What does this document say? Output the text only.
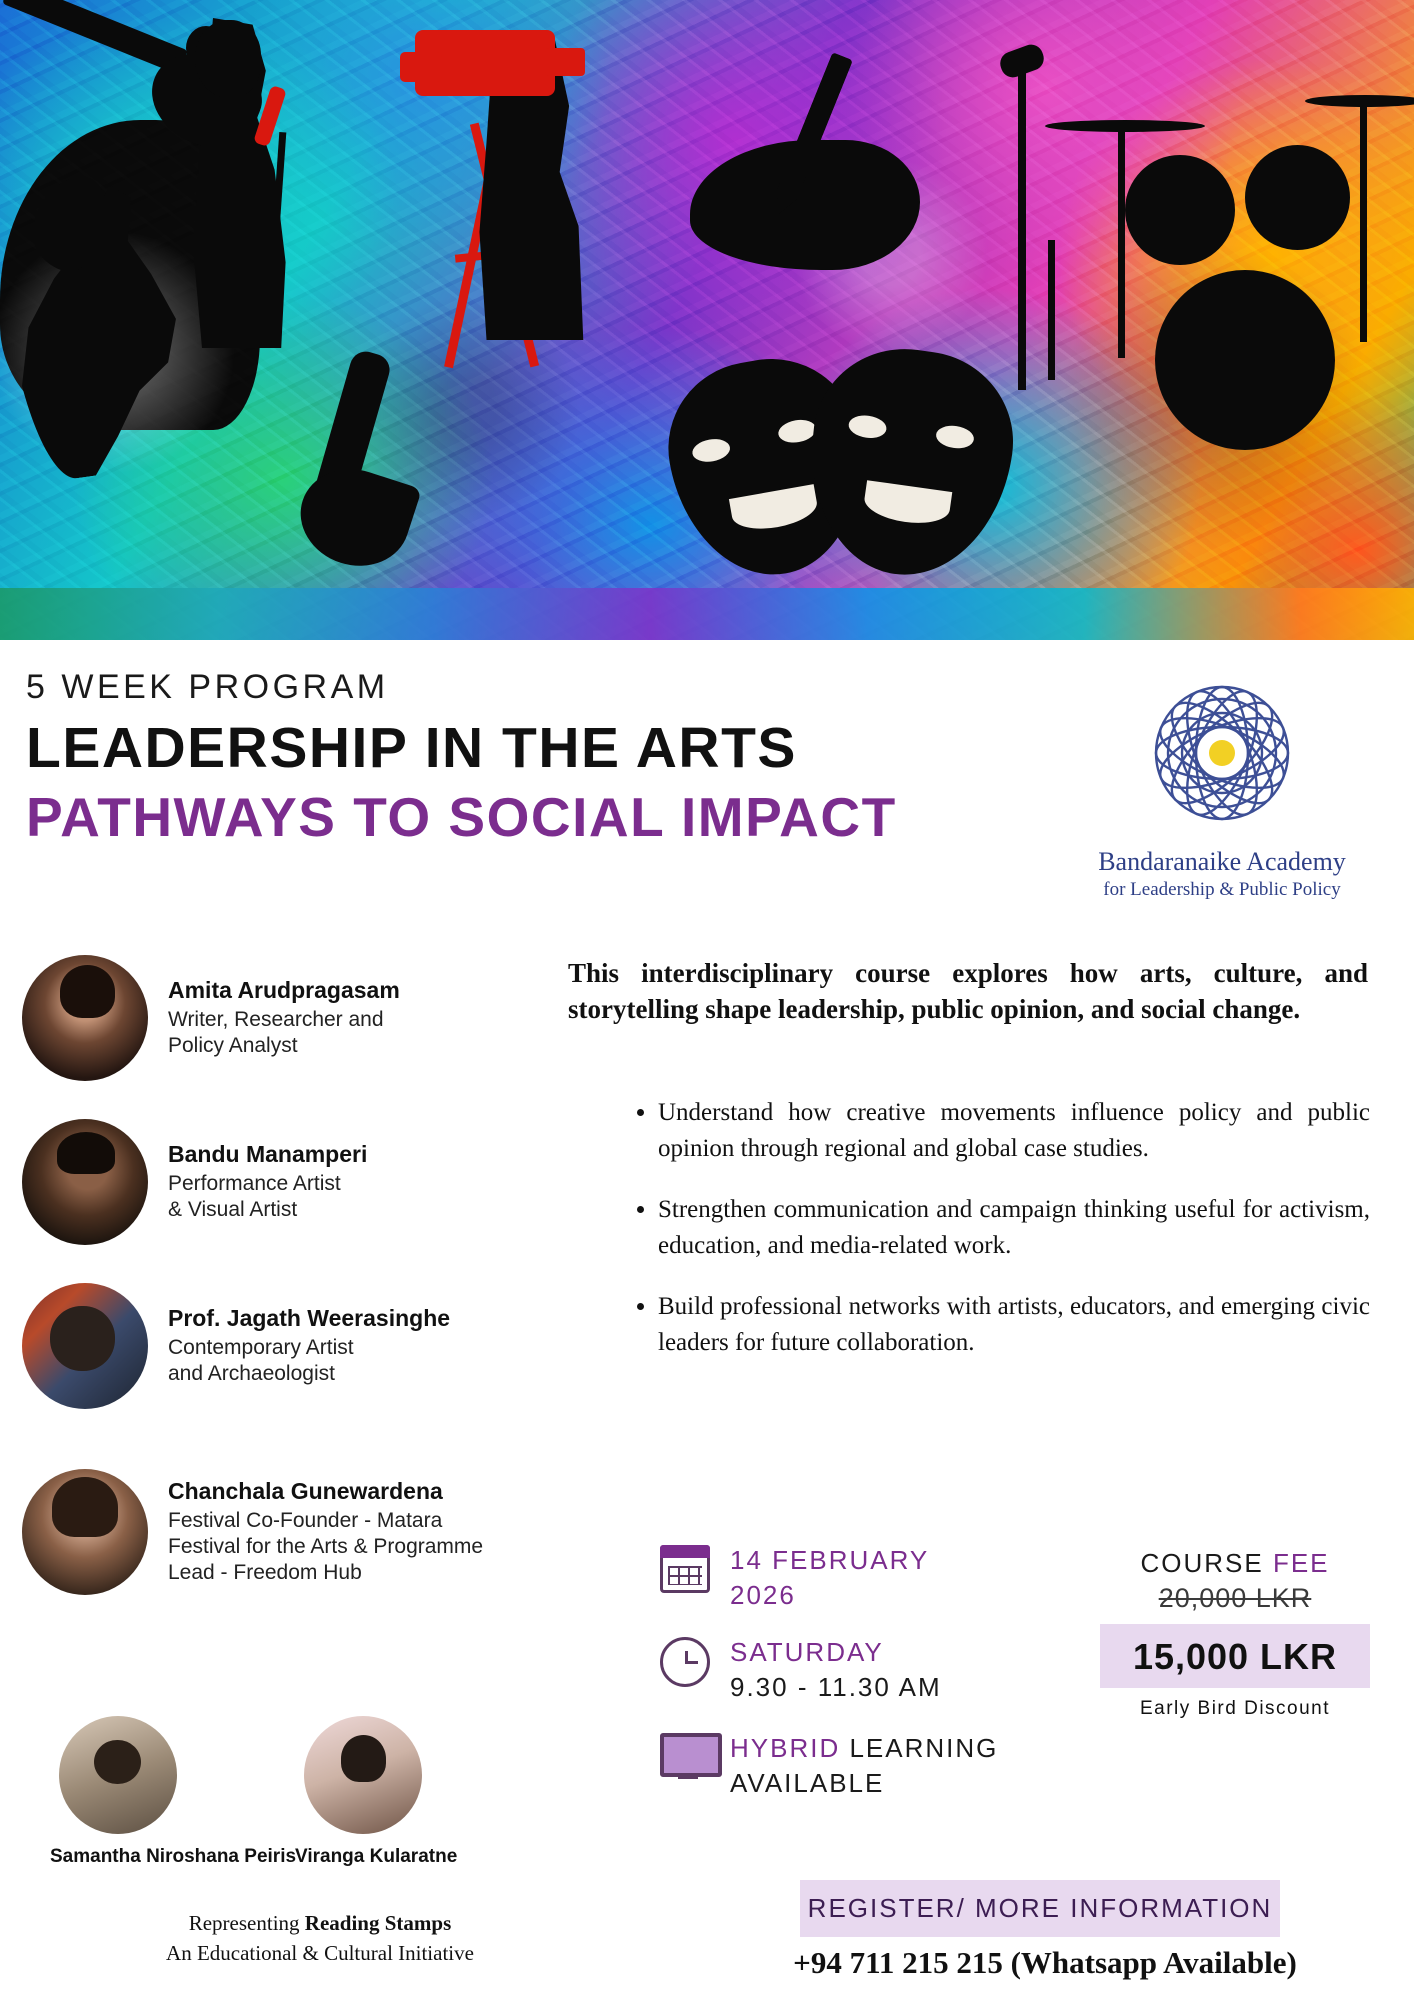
5 WEEK PROGRAM
LEADERSHIP IN THE ARTS
PATHWAYS TO SOCIAL IMPACT
Bandaranaike Academy
for Leadership & Public Policy
Amita Arudpragasam
Writer, Researcher and
Policy Analyst
Bandu Manamperi
Performance Artist
& Visual Artist
Prof. Jagath Weerasinghe
Contemporary Artist
and Archaeologist
Chanchala Gunewardena
Festival Co-Founder - Matara
Festival for the Arts & Programme
Lead - Freedom Hub
Samantha Niroshana Peiris
Viranga Kularatne
Representing Reading Stamps
An Educational & Cultural Initiative
This interdisciplinary course explores how arts, culture, and storytelling shape leadership, public opinion, and social change.
• Understand how creative movements influence policy and public opinion through regional and global case studies.
• Strengthen communication and campaign thinking useful for activism, education, and media-related work.
• Build professional networks with artists, educators, and emerging civic leaders for future collaboration.
14 FEBRUARY
2026
SATURDAY
9.30 - 11.30 AM
HYBRID LEARNING
AVAILABLE
COURSE FEE
20,000 LKR
15,000 LKR
Early Bird Discount
REGISTER/ MORE INFORMATION
+94 711 215 215 (Whatsapp Available)
